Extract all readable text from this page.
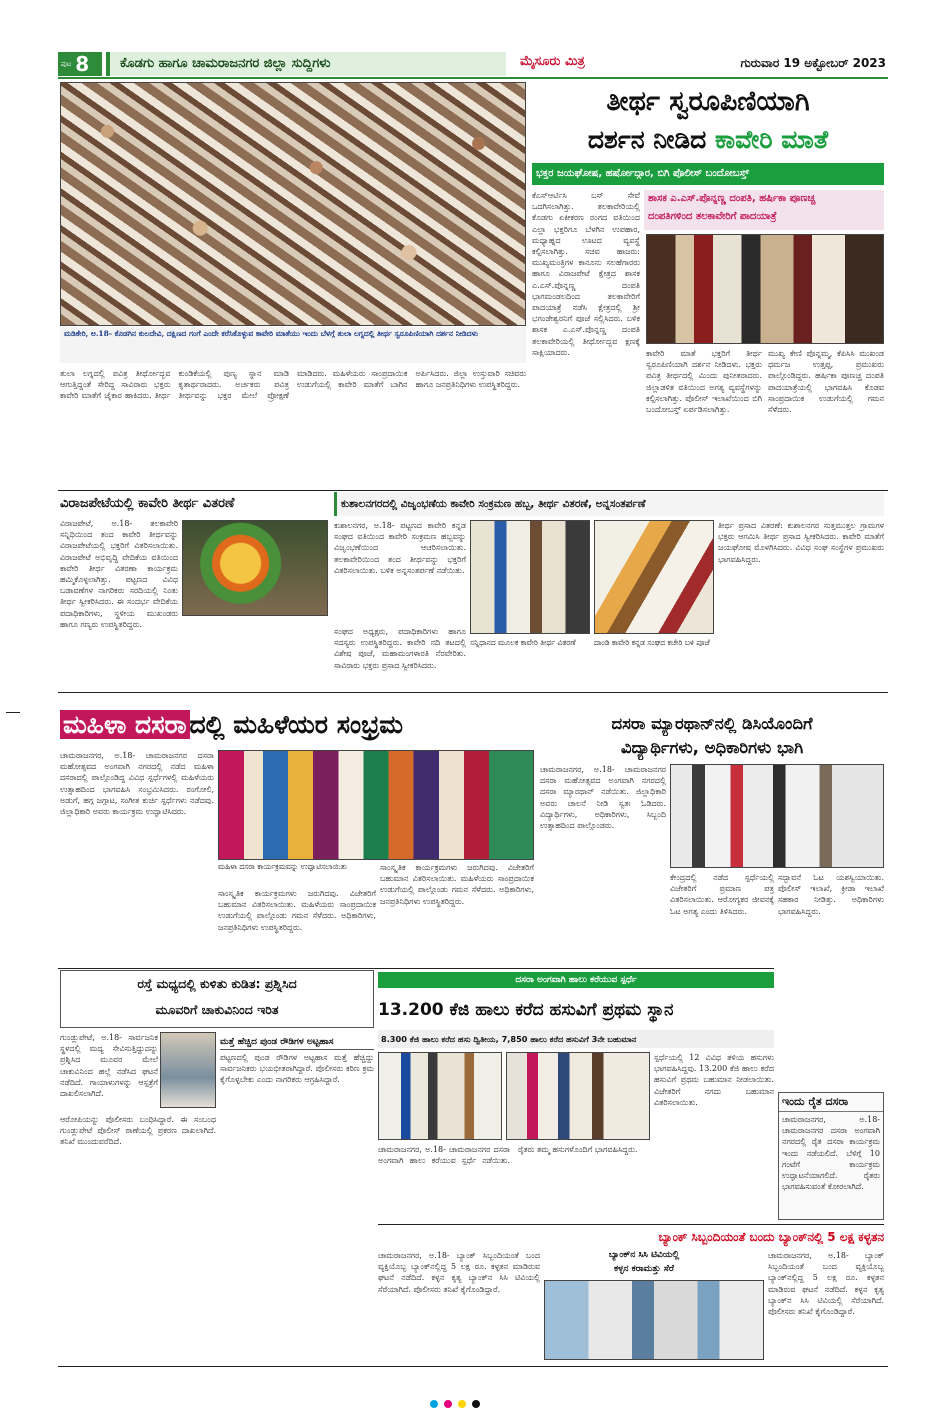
ಪುಟ 8	ಕೊಡಗು ಹಾಗೂ ಚಾಮರಾಜನಗರ ಜಿಲ್ಲಾ ಸುದ್ದಿಗಳು	ಮೈಸೂರು ಮಿತ್ರ	ಗುರುವಾರ 19 ಅಕ್ಟೋಬರ್ 2023
ಮಡಿಕೇರಿ, ಅ.18- ಕೊಡಗಿನ ಕುಲದೇವಿ, ದಕ್ಷಿಣದ ಗಂಗೆ ಎಂದೇ ಕರೆಸಿಕೊಳ್ಳುವ ಕಾವೇರಿ ಮಾತೆಯು ಇಂದು ಬೆಳಗ್ಗೆ ತುಲಾ ಲಗ್ನದಲ್ಲಿ ತೀರ್ಥ ಸ್ವರೂಪಿಣಿಯಾಗಿ ದರ್ಶನ ನೀಡಿದಳು
ತೀರ್ಥ ಸ್ವರೂಪಿಣಿಯಾಗಿ
ದರ್ಶನ ನೀಡಿದ ಕಾವೇರಿ ಮಾತೆ
ಭಕ್ತರ ಜಯಘೋಷ, ಹರ್ಷೋದ್ಗಾರ, ಬಿಗಿ ಪೊಲೀಸ್ ಬಂದೋಬಸ್ತ್
ಕೆಎಸ್ಆರ್ಟಿಸಿ ಬಸ್ ಸೇವೆ ಒದಗಿಸಲಾಗಿತ್ತು. ತಲಕಾವೇರಿಯಲ್ಲಿ ಕೊಡಗು ಏಕೀಕರಣ ರಂಗದ ವತಿಯಿಂದ ಎಲ್ಲಾ ಭಕ್ತರಿಗೂ ಬೆಳಗಿನ ಉಪಹಾರ, ಮಧ್ಯಾಹ್ನದ ಊಟದ ವ್ಯವಸ್ಥೆ ಕಲ್ಪಿಸಲಾಗಿತ್ತು. ಸಚಿವ ಹಾಜರು: ಮುಖ್ಯಮಂತ್ರಿಗಳ ಕಾನೂನು ಸಲಹೆಗಾರರು ಹಾಗೂ ವಿರಾಜಪೇಟೆ ಕ್ಷೇತ್ರದ ಶಾಸಕ ಎ.ಎಸ್.ಪೊನ್ನಣ್ಣ ದಂಪತಿ ಭಾಗಮಂಡಲದಿಂದ ತಲಕಾವೇರಿಗೆ ಪಾದಯಾತ್ರೆ ನಡೆಸಿ ಕ್ಷೇತ್ರದಲ್ಲಿ ಶ್ರೀ ಭಗಂಡೇಶ್ವರನಿಗೆ ಪೂಜೆ ಸಲ್ಲಿಸಿದರು. ಬಳಿಕ ಶಾಸಕ ಎ.ಎಸ್.ಪೊನ್ನಣ್ಣ ದಂಪತಿ ತಲಕಾವೇರಿಯಲ್ಲಿ ತೀರ್ಥೋದ್ಭವ ಕ್ಷಣಕ್ಕೆ ಸಾಕ್ಷಿಯಾದರು.
ಶಾಸಕ ಎ.ಎಸ್.ಪೊನ್ನಣ್ಣ ದಂಪತಿ, ಹರ್ಷಿಕಾ ಪೂಣಚ್ಚ
ದಂಪತಿಗಳಿಂದ ತಲಕಾವೇರಿಗೆ ಪಾದಯಾತ್ರೆ
ಕಾವೇರಿ ಮಾತೆ ಭಕ್ತರಿಗೆ ತೀರ್ಥ ಸ್ವರೂಪಿಣಿಯಾಗಿ ದರ್ಶನ ನೀಡಿದಳು. ಭಕ್ತರು ಪವಿತ್ರ ತೀರ್ಥದಲ್ಲಿ ಮಿಂದು ಪುನೀತರಾದರು. ಜಿಲ್ಲಾಡಳಿತ ವತಿಯಿಂದ ಅಗತ್ಯ ವ್ಯವಸ್ಥೆಗಳನ್ನು ಕಲ್ಪಿಸಲಾಗಿತ್ತು. ಪೊಲೀಸ್ ಇಲಾಖೆಯಿಂದ ಬಿಗಿ ಬಂದೋಬಸ್ತ್ ಏರ್ಪಡಿಸಲಾಗಿತ್ತು.
ಮುಖ್ಯ ಕೇಣಿ ಪೊನ್ನಮ್ಮ, ಕೆಪಿಸಿಸಿ ಮುಖಂಡ ಧರ್ಮಜ ಉತ್ತಪ್ಪ, ಪ್ರಮುಖರು ಪಾಲ್ಗೊಂಡಿದ್ದರು. ಹರ್ಷಿಕಾ ಪೂಣಚ್ಚ ದಂಪತಿ ಪಾದಯಾತ್ರೆಯಲ್ಲಿ ಭಾಗವಹಿಸಿ ಕೊಡವ ಸಾಂಪ್ರದಾಯಿಕ ಉಡುಗೆಯಲ್ಲಿ ಗಮನ ಸೆಳೆದರು.
ತುಲಾ ಲಗ್ನದಲ್ಲಿ ಪವಿತ್ರ ತೀರ್ಥೋದ್ಭವ ಆಗುತ್ತಿದ್ದಂತೆ ಸೇರಿದ್ದ ಸಾವಿರಾರು ಭಕ್ತರು ಕಾವೇರಿ ಮಾತೆಗೆ ಜೈಕಾರ ಹಾಕಿದರು. ತೀರ್ಥ ಕುಂಡಿಕೆಯಲ್ಲಿ ಪುಣ್ಯ ಸ್ನಾನ ಮಾಡಿ ಕೃತಾರ್ಥರಾದರು. ಅರ್ಚಕರು ಪವಿತ್ರ ತೀರ್ಥವನ್ನು ಭಕ್ತರ ಮೇಲೆ ಪ್ರೋಕ್ಷಣೆ ಮಾಡಿದರು. ಮಹಿಳೆಯರು ಸಾಂಪ್ರದಾಯಿಕ ಉಡುಗೆಯಲ್ಲಿ ಕಾವೇರಿ ಮಾತೆಗೆ ಬಾಗಿನ ಅರ್ಪಿಸಿದರು. ಜಿಲ್ಲಾ ಉಸ್ತುವಾರಿ ಸಚಿವರು ಹಾಗೂ ಜನಪ್ರತಿನಿಧಿಗಳು ಉಪಸ್ಥಿತರಿದ್ದರು.
ವಿರಾಜಪೇಟೆಯಲ್ಲಿ ಕಾವೇರಿ ತೀರ್ಥ ವಿತರಣೆ
ವಿರಾಜಪೇಟೆ, ಅ.18- ತಲಕಾವೇರಿ ಸನ್ನಿಧಿಯಿಂದ ತಂದ ಕಾವೇರಿ ತೀರ್ಥವನ್ನು ವಿರಾಜಪೇಟೆಯಲ್ಲಿ ಭಕ್ತರಿಗೆ ವಿತರಿಸಲಾಯಿತು. ವಿರಾಜಪೇಟೆ ಅಭಿವೃದ್ಧಿ ವೇದಿಕೆಯ ವತಿಯಿಂದ ಕಾವೇರಿ ತೀರ್ಥ ವಿತರಣಾ ಕಾರ್ಯಕ್ರಮ ಹಮ್ಮಿಕೊಳ್ಳಲಾಗಿತ್ತು. ಪಟ್ಟಣದ ವಿವಿಧ ಬಡಾವಣೆಗಳ ನಾಗರಿಕರು ಸರದಿಯಲ್ಲಿ ನಿಂತು ತೀರ್ಥ ಸ್ವೀಕರಿಸಿದರು. ಈ ಸಂದರ್ಭ ವೇದಿಕೆಯ ಪದಾಧಿಕಾರಿಗಳು, ಸ್ಥಳೀಯ ಮುಖಂಡರು ಹಾಗೂ ಗಣ್ಯರು ಉಪಸ್ಥಿತರಿದ್ದರು.
ಕುಶಾಲನಗರದಲ್ಲಿ ವಿಜೃಂಭಣೆಯ ಕಾವೇರಿ ಸಂಕ್ರಮಣ ಹಬ್ಬ, ತೀರ್ಥ ವಿತರಣೆ, ಅನ್ನಸಂತರ್ಪಣೆ
ಕುಶಾಲನಗರ, ಅ.18- ಪಟ್ಟಣದ ಕಾವೇರಿ ಕನ್ನಡ ಸಂಘದ ವತಿಯಿಂದ ಕಾವೇರಿ ಸಂಕ್ರಮಣ ಹಬ್ಬವನ್ನು ವಿಜೃಂಭಣೆಯಿಂದ ಆಚರಿಸಲಾಯಿತು. ತಲಕಾವೇರಿಯಿಂದ ತಂದ ತೀರ್ಥವನ್ನು ಭಕ್ತರಿಗೆ ವಿತರಿಸಲಾಯಿತು. ಬಳಿಕ ಅನ್ನಸಂತರ್ಪಣೆ ನಡೆಯಿತು.
ತೀರ್ಥ ಪ್ರಸಾದ ವಿತರಣೆ: ಕುಶಾಲನಗರ ಸುತ್ತಮುತ್ತಲ ಗ್ರಾಮಗಳ ಭಕ್ತರು ಆಗಮಿಸಿ ತೀರ್ಥ ಪ್ರಸಾದ ಸ್ವೀಕರಿಸಿದರು. ಕಾವೇರಿ ಮಾತೆಗೆ ಜಯಘೋಷ ಮೊಳಗಿಸಿದರು. ವಿವಿಧ ಸಂಘ ಸಂಸ್ಥೆಗಳ ಪ್ರಮುಖರು ಭಾಗವಹಿಸಿದ್ದರು.
ಸಂಘದ ಅಧ್ಯಕ್ಷರು, ಪದಾಧಿಕಾರಿಗಳು ಹಾಗೂ ಸದಸ್ಯರು ಉಪಸ್ಥಿತರಿದ್ದರು. ಕಾವೇರಿ ನದಿ ತಟದಲ್ಲಿ ವಿಶೇಷ ಪೂಜೆ, ಮಹಾಮಂಗಳಾರತಿ ನೆರವೇರಿತು. ಸಾವಿರಾರು ಭಕ್ತರು ಪ್ರಸಾದ ಸ್ವೀಕರಿಸಿದರು.
ಸನ್ನಿಧಾನದ ಮೂಲಕ ಕಾವೇರಿ ತೀರ್ಥ ವಿತರಣೆ	ದಾಂಡಿ ಕಾವೇರಿ ಕನ್ನಡ ಸಂಘದ ಕಚೇರಿ ಬಳಿ ಪೂಜೆ
ಮಹಿಳಾ ದಸರಾ ದಲ್ಲಿ ಮಹಿಳೆಯರ ಸಂಭ್ರಮ
ಚಾಮರಾಜನಗರ, ಅ.18- ಚಾಮರಾಜನಗರ ದಸರಾ ಮಹೋತ್ಸವದ ಅಂಗವಾಗಿ ನಗರದಲ್ಲಿ ನಡೆದ ಮಹಿಳಾ ದಸರಾದಲ್ಲಿ ಪಾಲ್ಗೊಂಡಿದ್ದ ವಿವಿಧ ಸ್ಪರ್ಧೆಗಳಲ್ಲಿ ಮಹಿಳೆಯರು ಉತ್ಸಾಹದಿಂದ ಭಾಗವಹಿಸಿ ಸಂಭ್ರಮಿಸಿದರು. ರಂಗೋಲಿ, ಅಡುಗೆ, ಹಗ್ಗ ಜಗ್ಗಾಟ, ಸಂಗೀತ ಕುರ್ಚಿ ಸ್ಪರ್ಧೆಗಳು ನಡೆದವು. ಜಿಲ್ಲಾಧಿಕಾರಿ ಅವರು ಕಾರ್ಯಕ್ರಮ ಉದ್ಘಾಟಿಸಿದರು.
ಮಹಿಳಾ ದಸರಾ ಕಾರ್ಯಕ್ರಮವನ್ನು ಉದ್ಘಾಟಿಸಲಾಯಿತು	ಸಾಂಸ್ಕೃತಿಕ ಕಾರ್ಯಕ್ರಮಗಳು ಜರುಗಿದವು. ವಿಜೇತರಿಗೆ ಬಹುಮಾನ ವಿತರಿಸಲಾಯಿತು. ಮಹಿಳೆಯರು ಸಾಂಪ್ರದಾಯಿಕ ಉಡುಗೆಯಲ್ಲಿ ಪಾಲ್ಗೊಂಡು ಗಮನ ಸೆಳೆದರು. ಅಧಿಕಾರಿಗಳು, ಜನಪ್ರತಿನಿಧಿಗಳು ಉಪಸ್ಥಿತರಿದ್ದರು.
ಸಾಂಸ್ಕೃತಿಕ ಕಾರ್ಯಕ್ರಮಗಳು ಜರುಗಿದವು. ವಿಜೇತರಿಗೆ ಬಹುಮಾನ ವಿತರಿಸಲಾಯಿತು. ಮಹಿಳೆಯರು ಸಾಂಪ್ರದಾಯಿಕ ಉಡುಗೆಯಲ್ಲಿ ಪಾಲ್ಗೊಂಡು ಗಮನ ಸೆಳೆದರು. ಅಧಿಕಾರಿಗಳು, ಜನಪ್ರತಿನಿಧಿಗಳು ಉಪಸ್ಥಿತರಿದ್ದರು.
ದಸರಾ ಮ್ಯಾರಥಾನ್‌ನಲ್ಲಿ ಡಿಸಿಯೊಂದಿಗೆ
ವಿದ್ಯಾರ್ಥಿಗಳು, ಅಧಿಕಾರಿಗಳು ಭಾಗಿ
ಚಾಮರಾಜನಗರ, ಅ.18- ಚಾಮರಾಜನಗರ ದಸರಾ ಮಹೋತ್ಸವದ ಅಂಗವಾಗಿ ನಗರದಲ್ಲಿ ದಸರಾ ಮ್ಯಾರಥಾನ್ ನಡೆಯಿತು. ಜಿಲ್ಲಾಧಿಕಾರಿ ಅವರು ಚಾಲನೆ ನೀಡಿ ಸ್ವತಃ ಓಡಿದರು. ವಿದ್ಯಾರ್ಥಿಗಳು, ಅಧಿಕಾರಿಗಳು, ಸಿಬ್ಬಂದಿ ಉತ್ಸಾಹದಿಂದ ಪಾಲ್ಗೊಂಡರು.
ಕೇಂದ್ರದಲ್ಲಿ ನಡೆದ ಸ್ಪರ್ಧೆಯಲ್ಲಿ ವಿಜೇತರಿಗೆ ಪ್ರಮಾಣ ಪತ್ರ ವಿತರಿಸಲಾಯಿತು. ಆರೋಗ್ಯಕರ ಜೀವನಕ್ಕೆ ಓಟ ಅಗತ್ಯ ಎಂದು ತಿಳಿಸಿದರು.
ಸದ್ಭಾವನೆ ಓಟ ಯಶಸ್ವಿಯಾಯಿತು. ಪೊಲೀಸ್ ಇಲಾಖೆ, ಕ್ರೀಡಾ ಇಲಾಖೆ ಸಹಕಾರ ನೀಡಿತ್ತು. ಅಧಿಕಾರಿಗಳು ಭಾಗವಹಿಸಿದ್ದರು.
ರಸ್ತೆ ಮಧ್ಯದಲ್ಲಿ ಕುಳಿತು ಕುಡಿತ: ಪ್ರಶ್ನಿಸಿದ
ಮೂವರಿಗೆ ಚಾಕುವಿನಿಂದ ಇರಿತ
ಗುಂಡ್ಲುಪೇಟೆ, ಅ.18- ಸಾರ್ವಜನಿಕ ಸ್ಥಳದಲ್ಲಿ ಮದ್ಯ ಸೇವಿಸುತ್ತಿದ್ದುದನ್ನು ಪ್ರಶ್ನಿಸಿದ ಮೂವರ ಮೇಲೆ ಚಾಕುವಿನಿಂದ ಹಲ್ಲೆ ನಡೆಸಿದ ಘಟನೆ ನಡೆದಿದೆ. ಗಾಯಾಳುಗಳನ್ನು ಆಸ್ಪತ್ರೆಗೆ ದಾಖಲಿಸಲಾಗಿದೆ.
ಆರೋಪಿಯನ್ನು ಪೊಲೀಸರು ಬಂಧಿಸಿದ್ದಾರೆ. ಈ ಸಂಬಂಧ ಗುಂಡ್ಲುಪೇಟೆ ಪೊಲೀಸ್ ಠಾಣೆಯಲ್ಲಿ ಪ್ರಕರಣ ದಾಖಲಾಗಿದೆ. ತನಿಖೆ ಮುಂದುವರೆದಿದೆ.
ಮತ್ತೆ ಹೆಚ್ಚಿದ ಪುಂಡ ರೌಡಿಗಳ ಅಟ್ಟಹಾಸ
ಪಟ್ಟಣದಲ್ಲಿ ಪುಂಡ ರೌಡಿಗಳ ಅಟ್ಟಹಾಸ ಮತ್ತೆ ಹೆಚ್ಚಿದ್ದು ಸಾರ್ವಜನಿಕರು ಭಯಭೀತರಾಗಿದ್ದಾರೆ. ಪೊಲೀಸರು ಕಠಿಣ ಕ್ರಮ ಕೈಗೊಳ್ಳಬೇಕು ಎಂದು ನಾಗರಿಕರು ಆಗ್ರಹಿಸಿದ್ದಾರೆ.
ದಸರಾ ಅಂಗವಾಗಿ ಹಾಲು ಕರೆಯುವ ಸ್ಪರ್ಧೆ
13.200 ಕೆಜಿ ಹಾಲು ಕರೆದ ಹಸುವಿಗೆ ಪ್ರಥಮ ಸ್ಥಾನ
8.300 ಕೆಜಿ ಹಾಲು ಕರೆದ ಹಸು ದ್ವಿತೀಯ, 7,850 ಹಾಲು ಕರೆದ ಹಸುವಿಗೆ 3ನೇ ಬಹುಮಾನ
ಸ್ಪರ್ಧೆಯಲ್ಲಿ 12 ವಿವಿಧ ತಳಿಯ ಹಸುಗಳು ಭಾಗವಹಿಸಿದ್ದವು. 13.200 ಕೆಜಿ ಹಾಲು ಕರೆದ ಹಸುವಿಗೆ ಪ್ರಥಮ ಬಹುಮಾನ ನೀಡಲಾಯಿತು. ವಿಜೇತರಿಗೆ ನಗದು ಬಹುಮಾನ ವಿತರಿಸಲಾಯಿತು.
ಚಾಮರಾಜನಗರ, ಅ.18- ಚಾಮರಾಜನಗರ ದಸರಾ ಅಂಗವಾಗಿ ಹಾಲು ಕರೆಯುವ ಸ್ಪರ್ಧೆ ನಡೆಯಿತು. ರೈತರು ತಮ್ಮ ಹಸುಗಳೊಂದಿಗೆ ಭಾಗವಹಿಸಿದ್ದರು.
ಇಂದು ರೈತ ದಸರಾ
ಚಾಮರಾಜನಗರ, ಅ.18- ಚಾಮರಾಜನಗರ ದಸರಾ ಅಂಗವಾಗಿ ನಗರದಲ್ಲಿ ರೈತ ದಸರಾ ಕಾರ್ಯಕ್ರಮ ಇಂದು ನಡೆಯಲಿದೆ. ಬೆಳಿಗ್ಗೆ 10 ಗಂಟೆಗೆ ಕಾರ್ಯಕ್ರಮ ಉದ್ಘಾಟನೆಯಾಗಲಿದೆ. ರೈತರು ಭಾಗವಹಿಸುವಂತೆ ಕೋರಲಾಗಿದೆ.
ಬ್ಯಾಂಕ್ ಸಿಬ್ಬಂದಿಯಂತೆ ಬಂದು ಬ್ಯಾಂಕ್‌ನಲ್ಲಿ 5 ಲಕ್ಷ ಕಳ್ಳತನ
ಚಾಮರಾಜನಗರ, ಅ.18- ಬ್ಯಾಂಕ್ ಸಿಬ್ಬಂದಿಯಂತೆ ಬಂದ ವ್ಯಕ್ತಿಯೊಬ್ಬ ಬ್ಯಾಂಕ್‌ನಲ್ಲಿದ್ದ 5 ಲಕ್ಷ ರೂ. ಕಳ್ಳತನ ಮಾಡಿರುವ ಘಟನೆ ನಡೆದಿದೆ. ಕಳ್ಳನ ಕೃತ್ಯ ಬ್ಯಾಂಕ್‌ನ ಸಿಸಿ ಟಿವಿಯಲ್ಲಿ ಸೆರೆಯಾಗಿದೆ. ಪೊಲೀಸರು ತನಿಖೆ ಕೈಗೊಂಡಿದ್ದಾರೆ.
ಬ್ಯಾಂಕ್‌ನ ಸಿಸಿ ಟಿವಿಯಲ್ಲಿ
ಕಳ್ಳನ ಕರಾಮತ್ತು ಸೆರೆ
ಚಾಮರಾಜನಗರ, ಅ.18- ಬ್ಯಾಂಕ್ ಸಿಬ್ಬಂದಿಯಂತೆ ಬಂದ ವ್ಯಕ್ತಿಯೊಬ್ಬ ಬ್ಯಾಂಕ್‌ನಲ್ಲಿದ್ದ 5 ಲಕ್ಷ ರೂ. ಕಳ್ಳತನ ಮಾಡಿರುವ ಘಟನೆ ನಡೆದಿದೆ. ಕಳ್ಳನ ಕೃತ್ಯ ಬ್ಯಾಂಕ್‌ನ ಸಿಸಿ ಟಿವಿಯಲ್ಲಿ ಸೆರೆಯಾಗಿದೆ. ಪೊಲೀಸರು ತನಿಖೆ ಕೈಗೊಂಡಿದ್ದಾರೆ.
